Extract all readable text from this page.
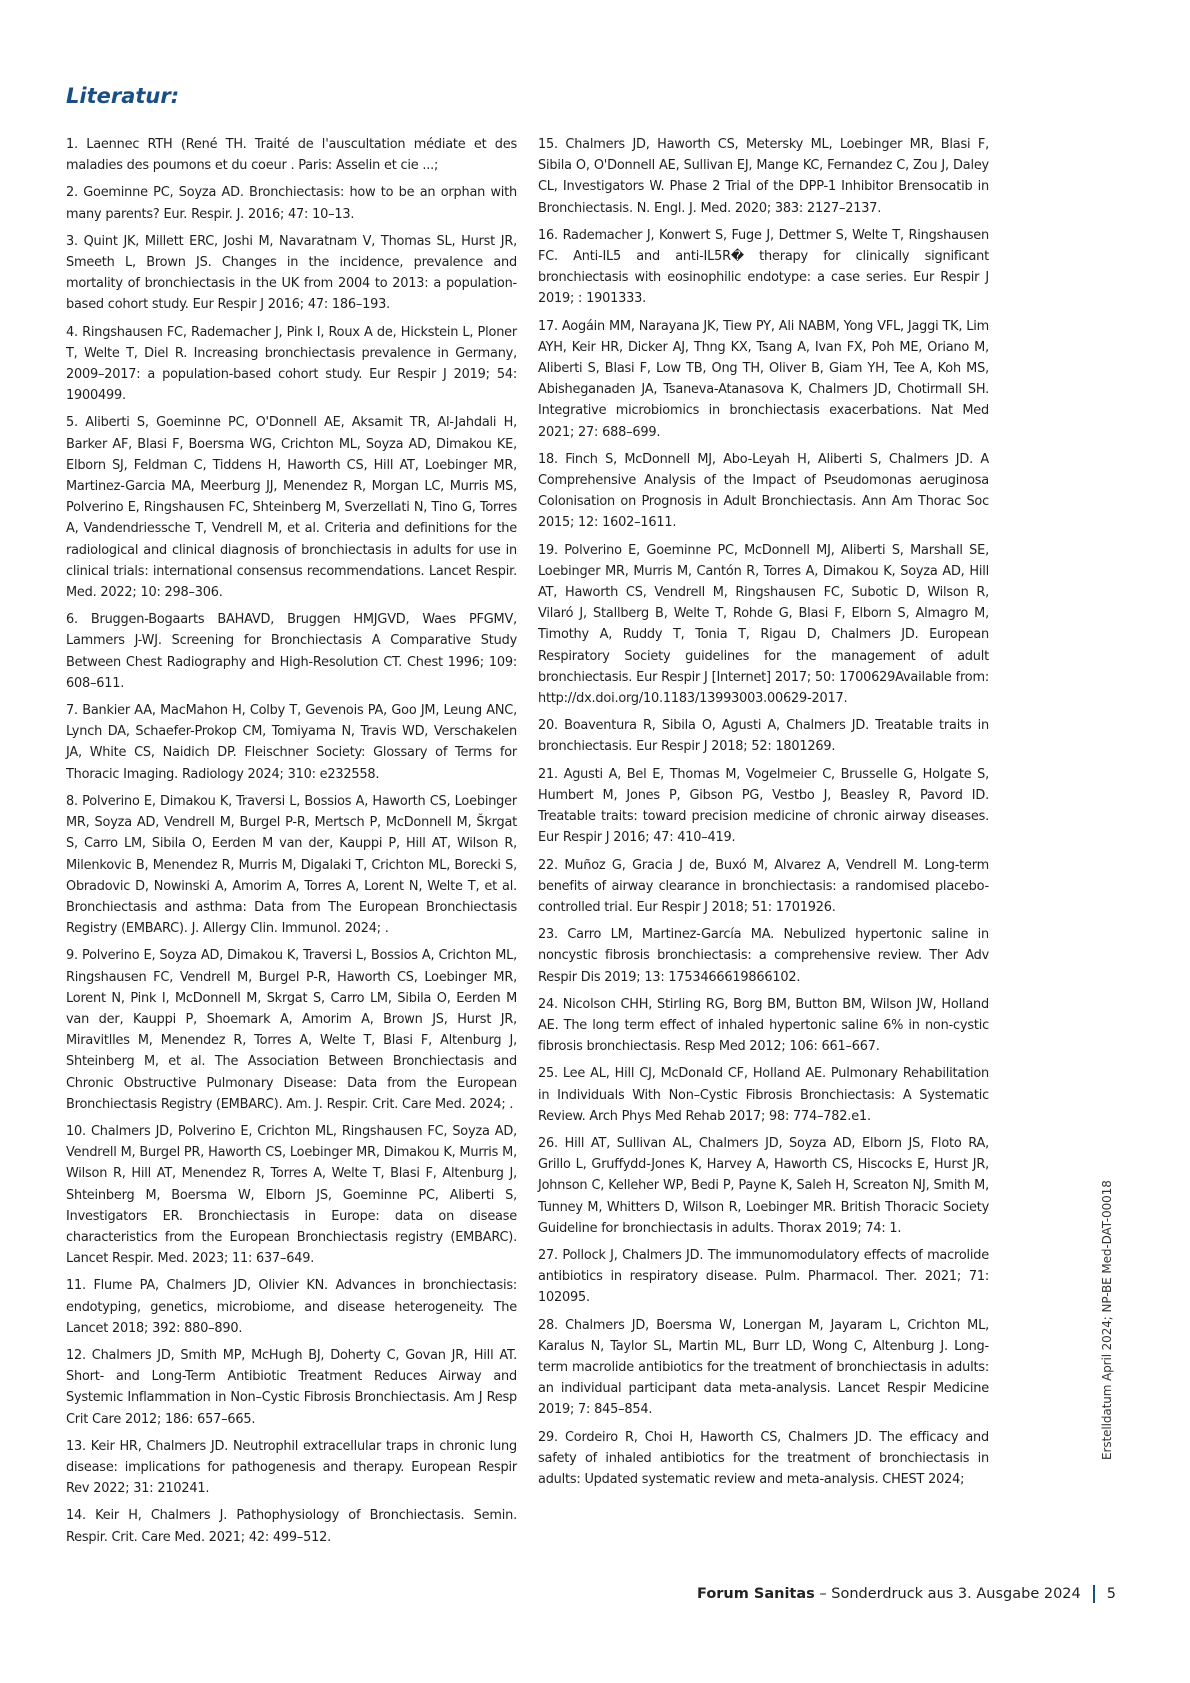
Literatur:

1. Laennec RTH (René TH. Traité de l'auscultation médiate et des maladies des poumons et du coeur . Paris: Asselin et cie ...;

2. Goeminne PC, Soyza AD. Bronchiectasis: how to be an orphan with many parents? Eur. Respir. J. 2016; 47: 10–13.

3. Quint JK, Millett ERC, Joshi M, Navaratnam V, Thomas SL, Hurst JR, Smeeth L, Brown JS. Changes in the incidence, prevalence and mortality of bronchiectasis in the UK from 2004 to 2013: a population-based cohort study. Eur Respir J 2016; 47: 186–193.

4. Ringshausen FC, Rademacher J, Pink I, Roux A de, Hickstein L, Ploner T, Welte T, Diel R. Increasing bronchiectasis prevalence in Germany, 2009–2017: a population-based cohort study. Eur Respir J 2019; 54: 1900499.

5. Aliberti S, Goeminne PC, O'Donnell AE, Aksamit TR, Al-Jahdali H, Barker AF, Blasi F, Boersma WG, Crichton ML, Soyza AD, Dimakou KE, Elborn SJ, Feldman C, Tiddens H, Haworth CS, Hill AT, Loebinger MR, Martinez-Garcia MA, Meerburg JJ, Menendez R, Morgan LC, Murris MS, Polverino E, Ringshausen FC, Shteinberg M, Sverzellati N, Tino G, Torres A, Vandendriessche T, Vendrell M, et al. Criteria and definitions for the radiological and clinical diagnosis of bronchiectasis in adults for use in clinical trials: international consensus recommendations. Lancet Respir. Med. 2022; 10: 298–306.

6. Bruggen-Bogaarts BAHAVD, Bruggen HMJGVD, Waes PFGMV, Lammers J-WJ. Screening for Bronchiectasis A Comparative Study Between Chest Radiography and High-Resolution CT. Chest 1996; 109: 608–611.

7. Bankier AA, MacMahon H, Colby T, Gevenois PA, Goo JM, Leung ANC, Lynch DA, Schaefer-Prokop CM, Tomiyama N, Travis WD, Verschakelen JA, White CS, Naidich DP. Fleischner Society: Glossary of Terms for Thoracic Imaging. Radiology 2024; 310: e232558.

8. Polverino E, Dimakou K, Traversi L, Bossios A, Haworth CS, Loebinger MR, Soyza AD, Vendrell M, Burgel P-R, Mertsch P, McDonnell M, Škrgat S, Carro LM, Sibila O, Eerden M van der, Kauppi P, Hill AT, Wilson R, Milenkovic B, Menendez R, Murris M, Digalaki T, Crichton ML, Borecki S, Obradovic D, Nowinski A, Amorim A, Torres A, Lorent N, Welte T, et al. Bronchiectasis and asthma: Data from The European Bronchiectasis Registry (EMBARC). J. Allergy Clin. Immunol. 2024; .

9. Polverino E, Soyza AD, Dimakou K, Traversi L, Bossios A, Crichton ML, Ringshausen FC, Vendrell M, Burgel P-R, Haworth CS, Loebinger MR, Lorent N, Pink I, McDonnell M, Skrgat S, Carro LM, Sibila O, Eerden M van der, Kauppi P, Shoemark A, Amorim A, Brown JS, Hurst JR, Miravitlles M, Menendez R, Torres A, Welte T, Blasi F, Altenburg J, Shteinberg M, et al. The Association Between Bronchiectasis and Chronic Obstructive Pulmonary Disease: Data from the European Bronchiectasis Registry (EMBARC). Am. J. Respir. Crit. Care Med. 2024; .

10. Chalmers JD, Polverino E, Crichton ML, Ringshausen FC, Soyza AD, Vendrell M, Burgel PR, Haworth CS, Loebinger MR, Dimakou K, Murris M, Wilson R, Hill AT, Menendez R, Torres A, Welte T, Blasi F, Altenburg J, Shteinberg M, Boersma W, Elborn JS, Goeminne PC, Aliberti S, Investigators ER. Bronchiectasis in Europe: data on disease characteristics from the European Bronchiectasis registry (EMBARC). Lancet Respir. Med. 2023; 11: 637–649.

11. Flume PA, Chalmers JD, Olivier KN. Advances in bronchiectasis: endotyping, genetics, microbiome, and disease heterogeneity. The Lancet 2018; 392: 880–890.

12. Chalmers JD, Smith MP, McHugh BJ, Doherty C, Govan JR, Hill AT. Short- and Long-Term Antibiotic Treatment Reduces Airway and Systemic Inflammation in Non–Cystic Fibrosis Bronchiectasis. Am J Resp Crit Care 2012; 186: 657–665.

13. Keir HR, Chalmers JD. Neutrophil extracellular traps in chronic lung disease: implications for pathogenesis and therapy. European Respir Rev 2022; 31: 210241.

14. Keir H, Chalmers J. Pathophysiology of Bronchiectasis. Semin. Respir. Crit. Care Med. 2021; 42: 499–512.

15. Chalmers JD, Haworth CS, Metersky ML, Loebinger MR, Blasi F, Sibila O, O'Donnell AE, Sullivan EJ, Mange KC, Fernandez C, Zou J, Daley CL, Investigators W. Phase 2 Trial of the DPP-1 Inhibitor Brensocatib in Bronchiectasis. N. Engl. J. Med. 2020; 383: 2127–2137.

16. Rademacher J, Konwert S, Fuge J, Dettmer S, Welte T, Ringshausen FC. Anti-IL5 and anti-IL5R� therapy for clinically significant bronchiectasis with eosinophilic endotype: a case series. Eur Respir J 2019; : 1901333.

17. Aogáin MM, Narayana JK, Tiew PY, Ali NABM, Yong VFL, Jaggi TK, Lim AYH, Keir HR, Dicker AJ, Thng KX, Tsang A, Ivan FX, Poh ME, Oriano M, Aliberti S, Blasi F, Low TB, Ong TH, Oliver B, Giam YH, Tee A, Koh MS, Abisheganaden JA, Tsaneva-Atanasova K, Chalmers JD, Chotirmall SH. Integrative microbiomics in bronchiectasis exacerbations. Nat Med 2021; 27: 688–699.

18. Finch S, McDonnell MJ, Abo-Leyah H, Aliberti S, Chalmers JD. A Comprehensive Analysis of the Impact of Pseudomonas aeruginosa Colonisation on Prognosis in Adult Bronchiectasis. Ann Am Thorac Soc 2015; 12: 1602–1611.

19. Polverino E, Goeminne PC, McDonnell MJ, Aliberti S, Marshall SE, Loebinger MR, Murris M, Cantón R, Torres A, Dimakou K, Soyza AD, Hill AT, Haworth CS, Vendrell M, Ringshausen FC, Subotic D, Wilson R, Vilaró J, Stallberg B, Welte T, Rohde G, Blasi F, Elborn S, Almagro M, Timothy A, Ruddy T, Tonia T, Rigau D, Chalmers JD. European Respiratory Society guidelines for the management of adult bronchiectasis. Eur Respir J [Internet] 2017; 50: 1700629Available from: http://dx.doi.org/10.1183/13993003.00629-2017.

20. Boaventura R, Sibila O, Agusti A, Chalmers JD. Treatable traits in bronchiectasis. Eur Respir J 2018; 52: 1801269.

21. Agusti A, Bel E, Thomas M, Vogelmeier C, Brusselle G, Holgate S, Humbert M, Jones P, Gibson PG, Vestbo J, Beasley R, Pavord ID. Treatable traits: toward precision medicine of chronic airway diseases. Eur Respir J 2016; 47: 410–419.

22. Muñoz G, Gracia J de, Buxó M, Alvarez A, Vendrell M. Long-term benefits of airway clearance in bronchiectasis: a randomised placebo-controlled trial. Eur Respir J 2018; 51: 1701926.

23. Carro LM, Martinez-García MA. Nebulized hypertonic saline in noncystic fibrosis bronchiectasis: a comprehensive review. Ther Adv Respir Dis 2019; 13: 1753466619866102.

24. Nicolson CHH, Stirling RG, Borg BM, Button BM, Wilson JW, Holland AE. The long term effect of inhaled hypertonic saline 6% in non-cystic fibrosis bronchiectasis. Resp Med 2012; 106: 661–667.

25. Lee AL, Hill CJ, McDonald CF, Holland AE. Pulmonary Rehabilitation in Individuals With Non–Cystic Fibrosis Bronchiectasis: A Systematic Review. Arch Phys Med Rehab 2017; 98: 774–782.e1.

26. Hill AT, Sullivan AL, Chalmers JD, Soyza AD, Elborn JS, Floto RA, Grillo L, Gruffydd-Jones K, Harvey A, Haworth CS, Hiscocks E, Hurst JR, Johnson C, Kelleher WP, Bedi P, Payne K, Saleh H, Screaton NJ, Smith M, Tunney M, Whitters D, Wilson R, Loebinger MR. British Thoracic Society Guideline for bronchiectasis in adults. Thorax 2019; 74: 1.

27. Pollock J, Chalmers JD. The immunomodulatory effects of macrolide antibiotics in respiratory disease. Pulm. Pharmacol. Ther. 2021; 71: 102095.

28. Chalmers JD, Boersma W, Lonergan M, Jayaram L, Crichton ML, Karalus N, Taylor SL, Martin ML, Burr LD, Wong C, Altenburg J. Long-term macrolide antibiotics for the treatment of bronchiectasis in adults: an individual participant data meta-analysis. Lancet Respir Medicine 2019; 7: 845–854.

29. Cordeiro R, Choi H, Haworth CS, Chalmers JD. The efficacy and safety of inhaled antibiotics for the treatment of bronchiectasis in adults: Updated systematic review and meta-analysis. CHEST 2024;

Erstelldatum April 2024; NP-BE Med-DAT-00018
Forum Sanitas – Sonderdruck aus 3. Ausgabe 2024 5
